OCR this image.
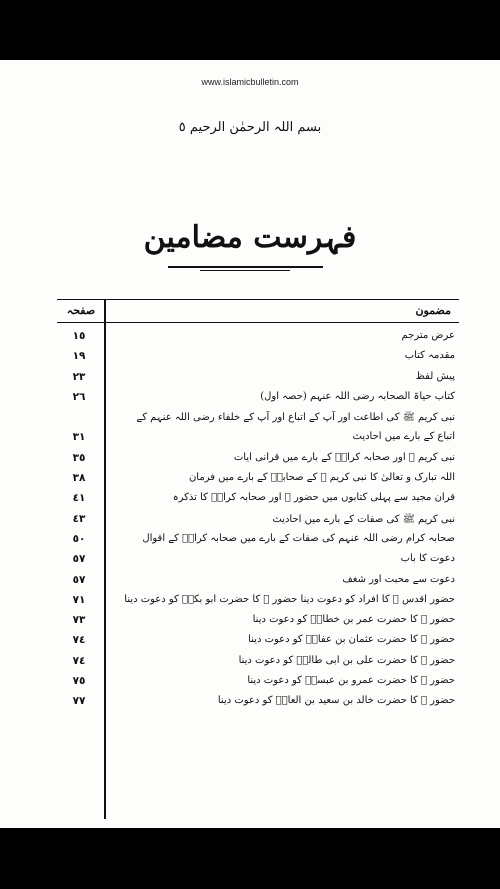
www.islamicbulletin.com
بسم اللہ الرحمٰن الرحیم ٥
فہرست مضامین
مضمون
صفحہ
عرض مترجم
١٥
مقدمہ کتاب
١٩
پیش لفظ
٢٣
کتاب حیاۃ الصحابہ رضی اللہ عنہم (حصہ اول)
٢٦
نبی کریم ﷺ کی اطاعت اور آپ کے اتباع اور آپ کے خلفاء رضی اللہ عنہم کے
اتباع کے بارے میں احادیث
٣١
نبی کریم ﷺ اور صحابہ کرامؓ کے بارے میں قرآنی آیات
٣٥
اللہ تبارک و تعالیٰ کا نبی کریم ﷺ کے صحابہؓ کے بارے میں فرمان
٣٨
قرآن مجید سے پہلی کتابوں میں حضور ﷺ اور صحابہ کرامؓ کا تذکرہ
٤١
نبی کریم ﷺ کی صفات کے بارے میں احادیث
٤٣
صحابہ کرام رضی اللہ عنہم کی صفات کے بارے میں صحابہ کرامؓ کے اقوال
٥٠
دعوت کا باب
٥٧
دعوت سے محبت اور شغف
٥٧
حضور اقدس ﷺ کا افراد کو دعوت دینا حضور ﷺ کا حضرت ابو بکرؓ کو دعوت دینا
٧١
حضور ﷺ کا حضرت عمر بن خطابؓ کو دعوت دینا
٧٣
حضور ﷺ کا حضرت عثمان بن عفانؓ کو دعوت دینا
٧٤
حضور ﷺ کا حضرت علی بن ابی طالبؓ کو دعوت دینا
٧٤
حضور ﷺ کا حضرت عمرو بن عبسہؓ کو دعوت دینا
٧٥
حضور ﷺ کا حضرت خالد بن سعید بن العاصؓ کو دعوت دینا
٧٧
